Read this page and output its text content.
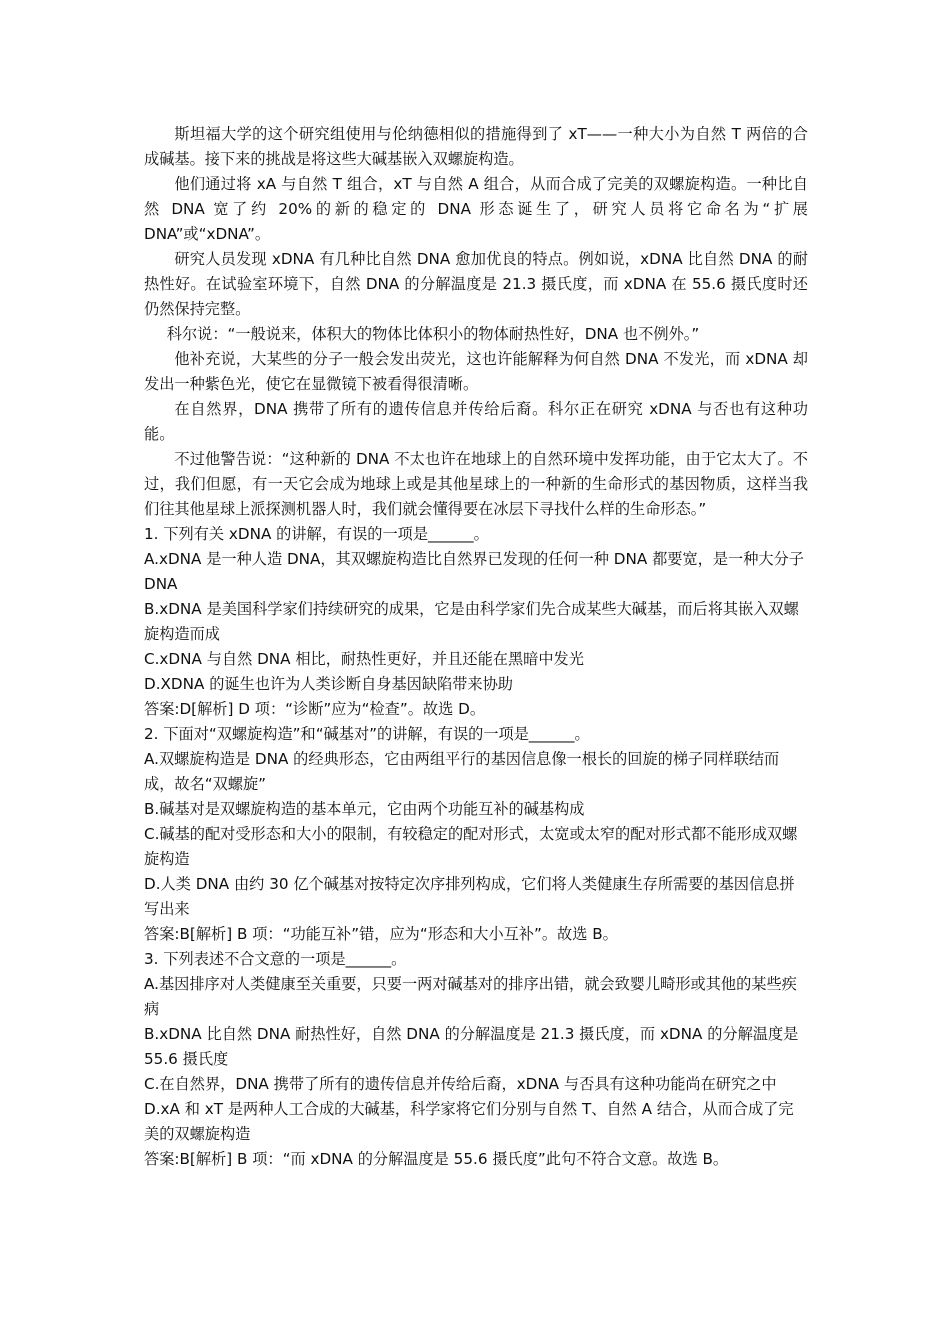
斯坦福大学的这个研究组使用与伦纳德相似的措施得到了 xT——一种大小为自然 T 两倍的合成碱基。接下来的挑战是将这些大碱基嵌入双螺旋构造。

他们通过将 xA 与自然 T 组合，xT 与自然 A 组合，从而合成了完美的双螺旋构造。一种比自然 DNA 宽了约 20%的新的稳定的 DNA 形态诞生了，研究人员将它命名为“扩展DNA”或“xDNA”。

研究人员发现 xDNA 有几种比自然 DNA 愈加优良的特点。例如说，xDNA 比自然 DNA 的耐热性好。在试验室环境下，自然 DNA 的分解温度是 21.3 摄氏度，而 xDNA 在 55.6 摄氏度时还仍然保持完整。

科尔说：“一般说来，体积大的物体比体积小的物体耐热性好，DNA 也不例外。”

他补充说，大某些的分子一般会发出荧光，这也许能解释为何自然 DNA 不发光，而 xDNA 却发出一种紫色光，使它在显微镜下被看得很清晰。

在自然界，DNA 携带了所有的遗传信息并传给后裔。科尔正在研究 xDNA 与否也有这种功能。

不过他警告说：“这种新的 DNA 不太也许在地球上的自然环境中发挥功能，由于它太大了。不过，我们但愿，有一天它会成为地球上或是其他星球上的一种新的生命形式的基因物质，这样当我们往其他星球上派探测机器人时，我们就会懂得要在冰层下寻找什么样的生命形态。”

1. 下列有关 xDNA 的讲解，有误的一项是______。

A.xDNA 是一种人造 DNA，其双螺旋构造比自然界已发现的任何一种 DNA 都要宽，是一种大分子 DNA

B.xDNA 是美国科学家们持续研究的成果，它是由科学家们先合成某些大碱基，而后将其嵌入双螺旋构造而成

C.xDNA 与自然 DNA 相比，耐热性更好，并且还能在黑暗中发光

D.XDNA 的诞生也许为人类诊断自身基因缺陷带来协助

答案:D[解析] D 项：“诊断”应为“检查”。故选 D。

2. 下面对“双螺旋构造”和“碱基对”的讲解，有误的一项是______。

A.双螺旋构造是 DNA 的经典形态，它由两组平行的基因信息像一根长的回旋的梯子同样联结而成，故名“双螺旋”

B.碱基对是双螺旋构造的基本单元，它由两个功能互补的碱基构成

C.碱基的配对受形态和大小的限制，有较稳定的配对形式，太宽或太窄的配对形式都不能形成双螺旋构造

D.人类 DNA 由约 30 亿个碱基对按特定次序排列构成，它们将人类健康生存所需要的基因信息拼写出来

答案:B[解析] B 项：“功能互补”错，应为“形态和大小互补”。故选 B。

3. 下列表述不合文意的一项是______。

A.基因排序对人类健康至关重要，只要一两对碱基对的排序出错，就会致婴儿畸形或其他的某些疾病

B.xDNA 比自然 DNA 耐热性好，自然 DNA 的分解温度是 21.3 摄氏度，而 xDNA 的分解温度是 55.6 摄氏度

C.在自然界，DNA 携带了所有的遗传信息并传给后裔，xDNA 与否具有这种功能尚在研究之中

D.xA 和 xT 是两种人工合成的大碱基，科学家将它们分别与自然 T、自然 A 结合，从而合成了完美的双螺旋构造

答案:B[解析] B 项：“而 xDNA 的分解温度是 55.6 摄氏度”此句不符合文意。故选 B。
